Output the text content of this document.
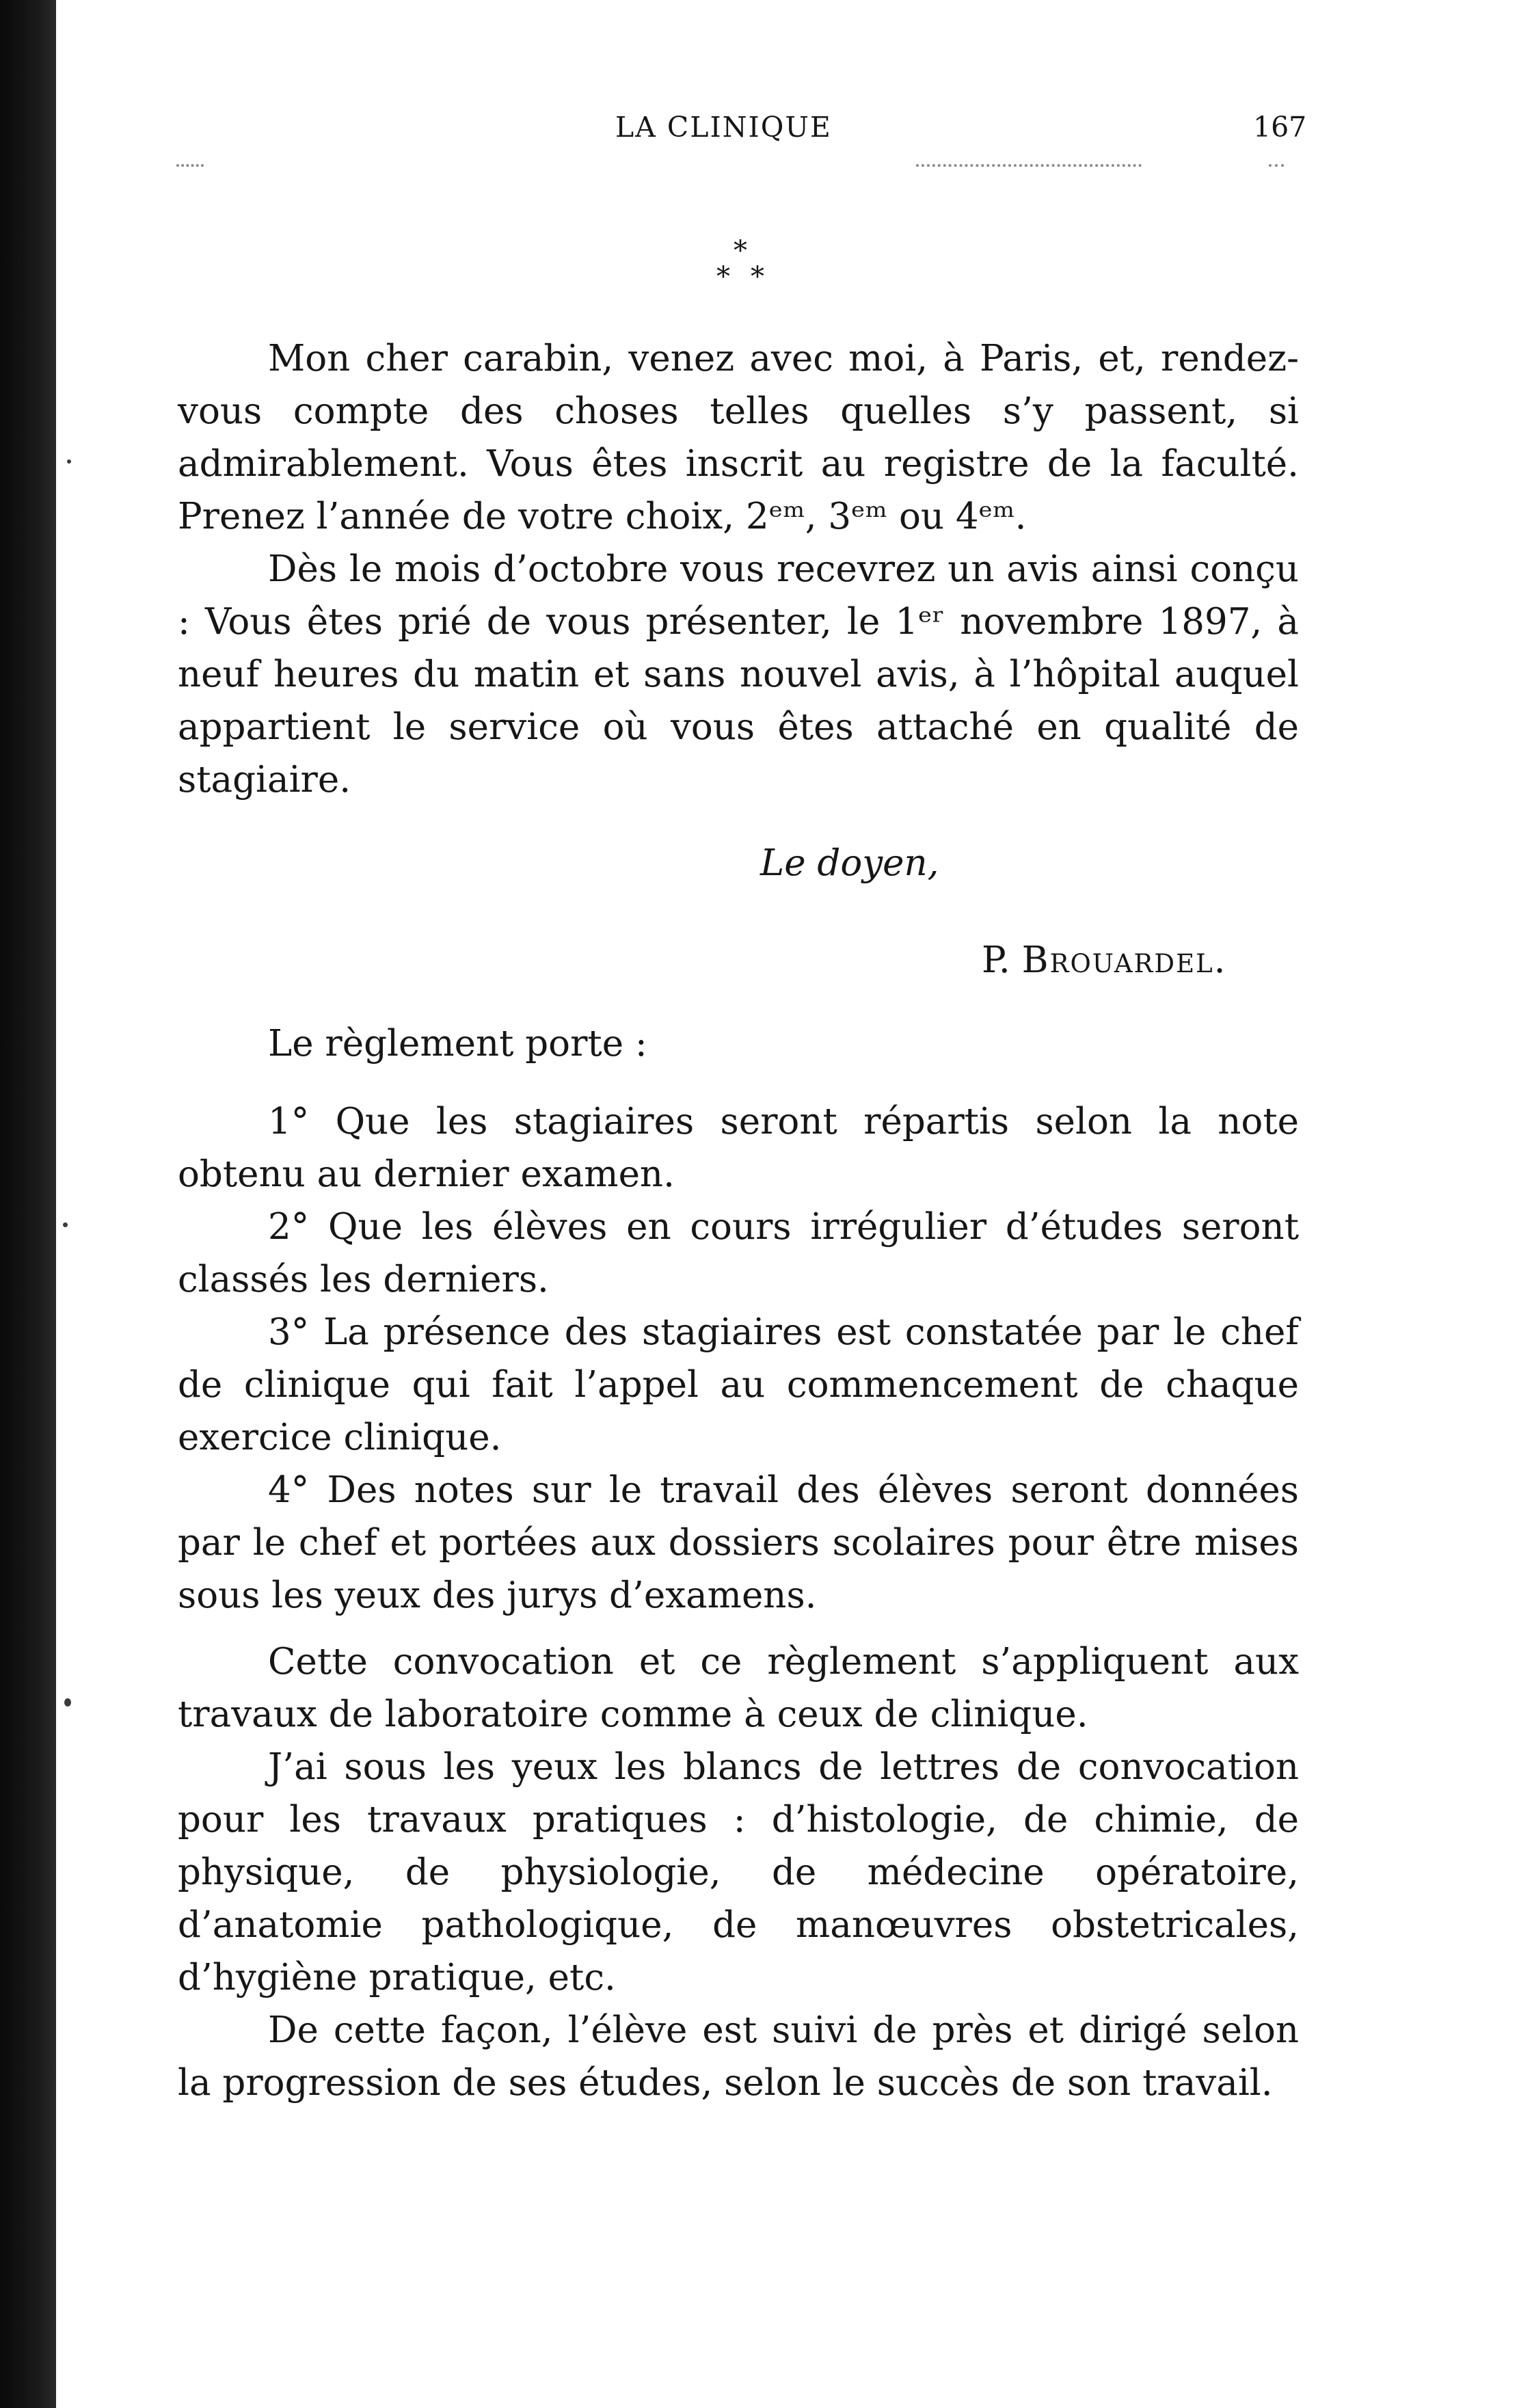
LA CLINIQUE	167
*
* *

Mon cher carabin, venez avec moi, à Paris, et, rendez-vous compte des choses telles quelles s’y passent, si admirablement. Vous êtes inscrit au registre de la faculté. Prenez l’année de votre choix, 2ᵉᵐ, 3ᵉᵐ ou 4ᵉᵐ.

Dès le mois d’octobre vous recevrez un avis ainsi conçu : Vous êtes prié de vous présenter, le 1ᵉʳ novembre 1897, à neuf heures du matin et sans nouvel avis, à l’hôpital auquel appartient le service où vous êtes attaché en qualité de stagiaire.

Le doyen,
P. Brouardel.
Le règlement porte :

1° Que les stagiaires seront répartis selon la note obtenu au dernier examen.

2° Que les élèves en cours irrégulier d’études seront classés les derniers.

3° La présence des stagiaires est constatée par le chef de clinique qui fait l’appel au commencement de chaque exercice clinique.

4° Des notes sur le travail des élèves seront données par le chef et portées aux dossiers scolaires pour être mises sous les yeux des jurys d’examens.

Cette convocation et ce règlement s’appliquent aux travaux de laboratoire comme à ceux de clinique.

J’ai sous les yeux les blancs de lettres de convocation pour les travaux pratiques : d’histologie, de chimie, de physique, de physiologie, de médecine opératoire, d’anatomie pathologique, de manœuvres obstetricales, d’hygiène pratique, etc.

De cette façon, l’élève est suivi de près et dirigé selon la progression de ses études, selon le succès de son travail.
